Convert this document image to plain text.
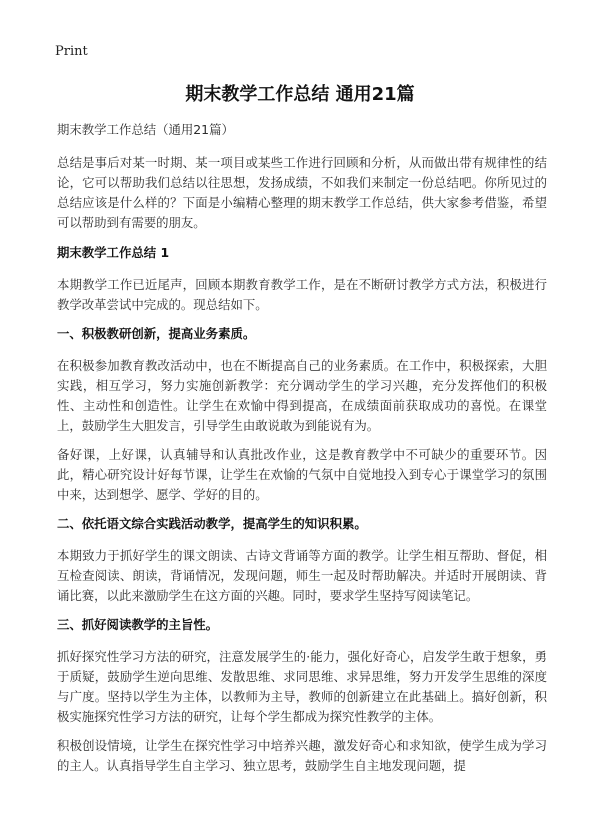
Print
期末教学工作总结 通用21篇

期末教学工作总结（通用21篇）

总结是事后对某一时期、某一项目或某些工作进行回顾和分析，从而做出带有规律性的结论，它可以帮助我们总结以往思想，发扬成绩，不如我们来制定一份总结吧。你所见过的总结应该是什么样的？下面是小编精心整理的期末教学工作总结，供大家参考借鉴，希望可以帮助到有需要的朋友。

期末教学工作总结 1

本期教学工作已近尾声，回顾本期教育教学工作，是在不断研讨教学方式方法，积极进行教学改革尝试中完成的。现总结如下。

一、积极教研创新，提高业务素质。

在积极参加教育教改活动中，也在不断提高自己的业务素质。在工作中，积极探索，大胆实践，相互学习，努力实施创新教学：充分调动学生的学习兴趣，充分发挥他们的积极性、主动性和创造性。让学生在欢愉中得到提高，在成绩面前获取成功的喜悦。在课堂上，鼓励学生大胆发言，引导学生由敢说敢为到能说有为。

备好课，上好课，认真辅导和认真批改作业，这是教育教学中不可缺少的重要环节。因此，精心研究设计好每节课，让学生在欢愉的气氛中自觉地投入到专心于课堂学习的氛围中来，达到想学、愿学、学好的目的。

二、依托语文综合实践活动教学，提高学生的知识积累。

本期致力于抓好学生的课文朗读、古诗文背诵等方面的教学。让学生相互帮助、督促，相互检查阅读、朗读，背诵情况，发现问题，师生一起及时帮助解决。并适时开展朗读、背诵比赛，以此来激励学生在这方面的兴趣。同时，要求学生坚持写阅读笔记。

三、抓好阅读教学的主旨性。

抓好探究性学习方法的研究，注意发展学生的·能力，强化好奇心，启发学生敢于想象，勇于质疑，鼓励学生逆向思维、发散思维、求同思维、求异思维，努力开发学生思维的深度与广度。坚持以学生为主体，以教师为主导，教师的创新建立在此基础上。搞好创新，积极实施探究性学习方法的研究，让每个学生都成为探究性教学的主体。

积极创设情境，让学生在探究性学习中培养兴趣，激发好奇心和求知欲，使学生成为学习的主人。认真指导学生自主学习、独立思考，鼓励学生自主地发现问题，提
